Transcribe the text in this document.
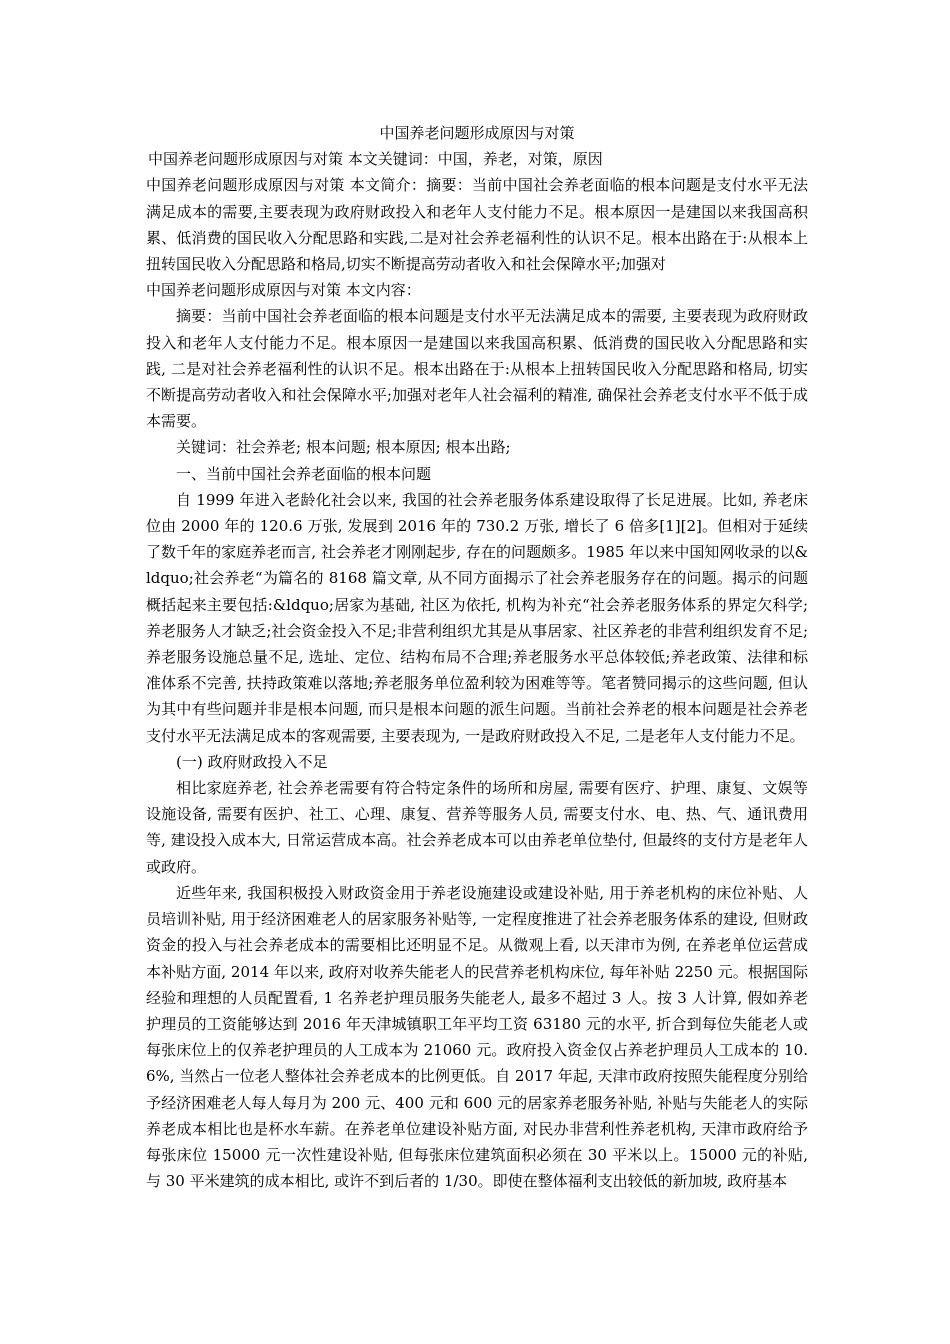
中国养老问题形成原因与对策

中国养老问题形成原因与对策 本文关键词：中国，养老，对策，原因

中国养老问题形成原因与对策 本文简介：摘要：当前中国社会养老面临的根本问题是支付水平无法满足成本的需要,主要表现为政府财政投入和老年人支付能力不足。根本原因一是建国以来我国高积累、低消费的国民收入分配思路和实践,二是对社会养老福利性的认识不足。根本出路在于:从根本上扭转国民收入分配思路和格局,切实不断提高劳动者收入和社会保障水平;加强对

中国养老问题形成原因与对策 本文内容：

摘要：当前中国社会养老面临的根本问题是支付水平无法满足成本的需要, 主要表现为政府财政投入和老年人支付能力不足。根本原因一是建国以来我国高积累、低消费的国民收入分配思路和实践, 二是对社会养老福利性的认识不足。根本出路在于:从根本上扭转国民收入分配思路和格局, 切实不断提高劳动者收入和社会保障水平;加强对老年人社会福利的精准, 确保社会养老支付水平不低于成本需要。

关键词：社会养老; 根本问题; 根本原因; 根本出路;

一、当前中国社会养老面临的根本问题

自 1999 年进入老龄化社会以来, 我国的社会养老服务体系建设取得了长足进展。比如, 养老床位由 2000 年的 120.6 万张, 发展到 2016 年的 730.2 万张, 增长了 6 倍多[1][2]。但相对于延续了数千年的家庭养老而言, 社会养老才刚刚起步, 存在的问题颇多。1985 年以来中国知网收录的以&ldquo;社会养老“为篇名的 8168 篇文章, 从不同方面揭示了社会养老服务存在的问题。揭示的问题概括起来主要包括:&ldquo;居家为基础, 社区为依托, 机构为补充“社会养老服务体系的界定欠科学;养老服务人才缺乏;社会资金投入不足;非营利组织尤其是从事居家、社区养老的非营利组织发育不足;养老服务设施总量不足, 选址、定位、结构布局不合理;养老服务水平总体较低;养老政策、法律和标准体系不完善, 扶持政策难以落地;养老服务单位盈利较为困难等等。笔者赞同揭示的这些问题, 但认为其中有些问题并非是根本问题, 而只是根本问题的派生问题。当前社会养老的根本问题是社会养老支付水平无法满足成本的客观需要, 主要表现为, 一是政府财政投入不足, 二是老年人支付能力不足。

(一) 政府财政投入不足

相比家庭养老, 社会养老需要有符合特定条件的场所和房屋, 需要有医疗、护理、康复、文娱等设施设备, 需要有医护、社工、心理、康复、营养等服务人员, 需要支付水、电、热、气、通讯费用等, 建设投入成本大, 日常运营成本高。社会养老成本可以由养老单位垫付, 但最终的支付方是老年人或政府。

近些年来, 我国积极投入财政资金用于养老设施建设或建设补贴, 用于养老机构的床位补贴、人员培训补贴, 用于经济困难老人的居家服务补贴等, 一定程度推进了社会养老服务体系的建设, 但财政资金的投入与社会养老成本的需要相比还明显不足。从微观上看, 以天津市为例, 在养老单位运营成本补贴方面, 2014 年以来, 政府对收养失能老人的民营养老机构床位, 每年补贴 2250 元。根据国际经验和理想的人员配置看, 1 名养老护理员服务失能老人, 最多不超过 3 人。按 3 人计算, 假如养老护理员的工资能够达到 2016 年天津城镇职工年平均工资 63180 元的水平, 折合到每位失能老人或每张床位上的仅养老护理员的人工成本为 21060 元。政府投入资金仅占养老护理员人工成本的 10.6%, 当然占一位老人整体社会养老成本的比例更低。自 2017 年起, 天津市政府按照失能程度分别给予经济困难老人每人每月为 200 元、400 元和 600 元的居家养老服务补贴, 补贴与失能老人的实际养老成本相比也是杯水车薪。在养老单位建设补贴方面, 对民办非营利性养老机构, 天津市政府给予每张床位 15000 元一次性建设补贴, 但每张床位建筑面积必须在 30 平米以上。15000 元的补贴, 与 30 平米建筑的成本相比, 或许不到后者的 1/30。即使在整体福利支出较低的新加坡, 政府基本
